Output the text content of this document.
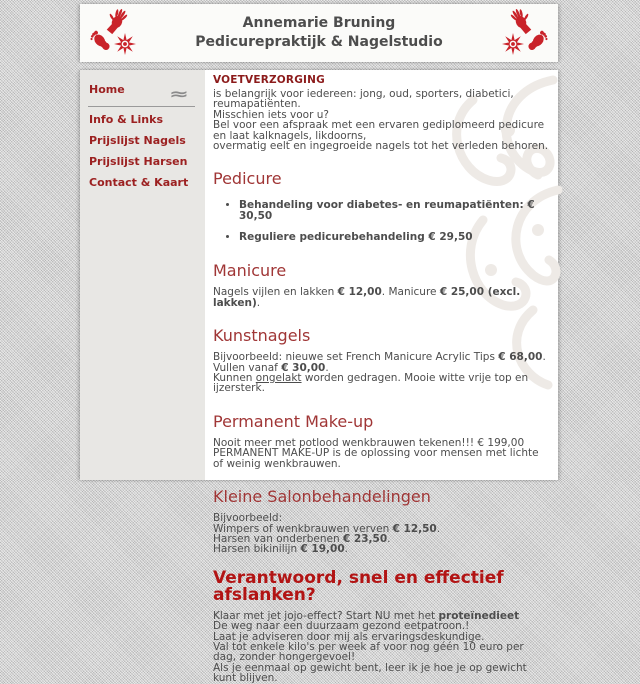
Annemarie Bruning
Pedicurepraktijk & Nagelstudio
Home	≈
Info & Links
Prijslijst Nagels
Prijslijst Harsen
Contact & Kaart
VOETVERZORGING

is belangrijk voor iedereen: jong, oud, sporters, diabetici, reumapatiënten.

Misschien iets voor u?

Bel voor een afspraak met een ervaren gediplomeerd pedicure en laat kalknagels, likdoorns,

overmatig eelt en ingegroeide nagels tot het verleden behoren.

Pedicure
• Behandeling voor diabetes- en reumapatiënten: € 30,50
• Reguliere pedicurebehandeling € 29,50
Manicure

Nagels vijlen en lakken € 12,00. Manicure € 25,00 (excl. lakken).

Kunstnagels

Bijvoorbeeld: nieuwe set French Manicure Acrylic Tips € 68,00.

Vullen vanaf € 30,00.

Kunnen ongelakt worden gedragen. Mooie witte vrije top en ijzersterk.

Permanent Make-up

Nooit meer met potlood wenkbrauwen tekenen!!! € 199,00

PERMANENT MAKE-UP is de oplossing voor mensen met lichte of weinig wenkbrauwen.

Kleine Salonbehandelingen

Bijvoorbeeld:

Wimpers of wenkbrauwen verven € 12,50.

Harsen van onderbenen € 23,50.

Harsen bikinilijn € 19,00.

Verantwoord, snel en effectief afslanken?

Klaar met jet jojo-effect? Start NU met het proteïnedieet

De weg naar een duurzaam gezond eetpatroon.!

Laat je adviseren door mij als ervaringsdeskundige.

Val tot enkele kilo's per week af voor nog géén 10 euro per dag, zonder hongergevoel!

Als je eenmaal op gewicht bent, leer ik je hoe je op gewicht kunt blijven.
